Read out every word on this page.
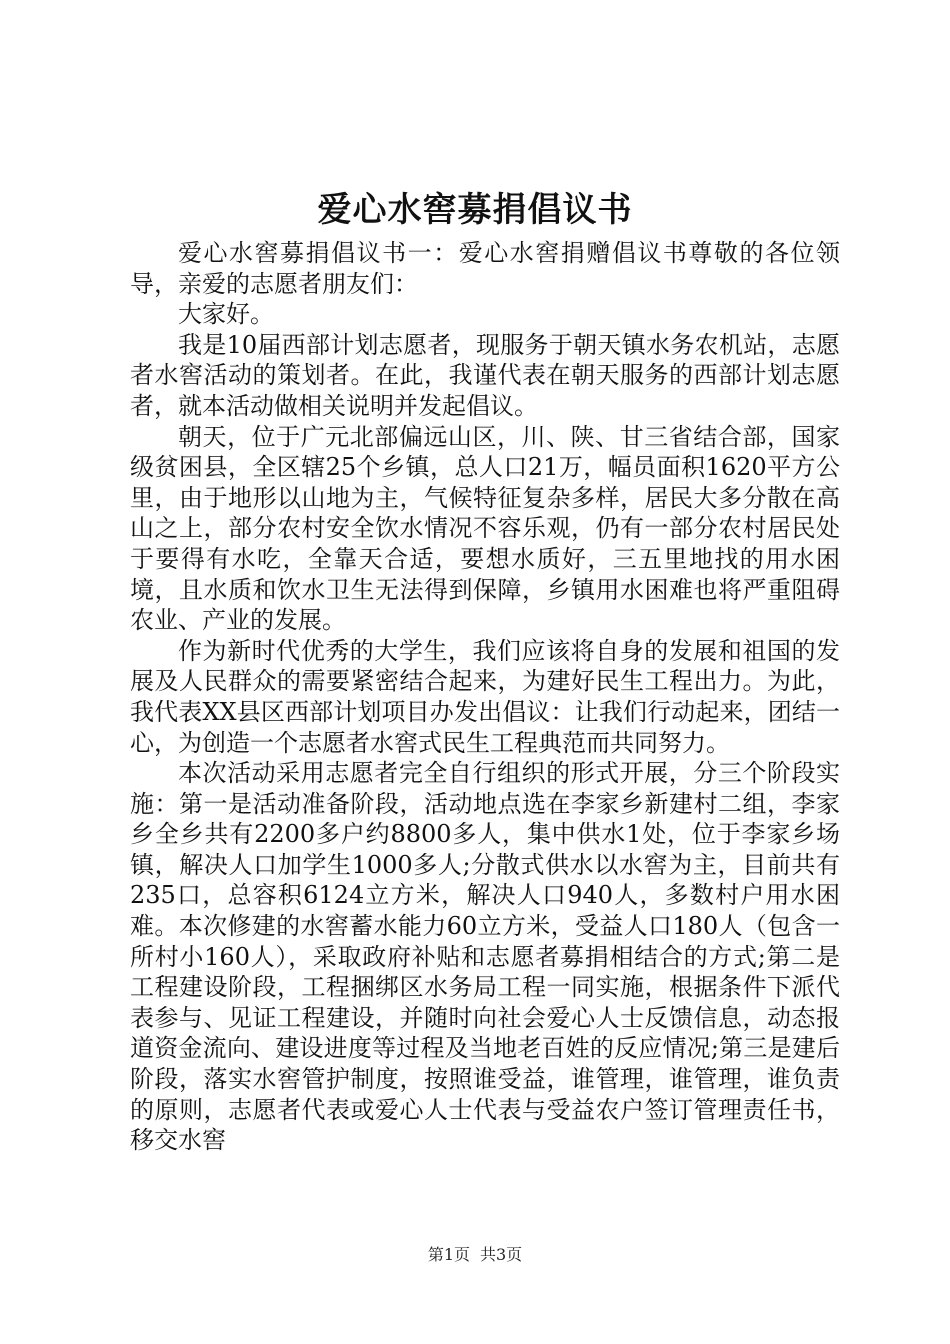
爱心水窖募捐倡议书

爱心水窖募捐倡议书一：爱心水窖捐赠倡议书尊敬的各位领导，亲爱的志愿者朋友们：

大家好。

我是10届西部计划志愿者，现服务于朝天镇水务农机站，志愿者水窖活动的策划者。在此，我谨代表在朝天服务的西部计划志愿者，就本活动做相关说明并发起倡议。

朝天，位于广元北部偏远山区，川、陕、甘三省结合部，国家级贫困县，全区辖25个乡镇，总人口21万，幅员面积1620平方公里，由于地形以山地为主，气候特征复杂多样，居民大多分散在高山之上，部分农村安全饮水情况不容乐观，仍有一部分农村居民处于要得有水吃，全靠天合适，要想水质好，三五里地找的用水困境，且水质和饮水卫生无法得到保障，乡镇用水困难也将严重阻碍农业、产业的发展。

作为新时代优秀的大学生，我们应该将自身的发展和祖国的发展及人民群众的需要紧密结合起来，为建好民生工程出力。为此，我代表XX县区西部计划项目办发出倡议：让我们行动起来，团结一心，为创造一个志愿者水窖式民生工程典范而共同努力。

本次活动采用志愿者完全自行组织的形式开展，分三个阶段实施：第一是活动准备阶段，活动地点选在李家乡新建村二组，李家乡全乡共有2200多户约8800多人，集中供水1处，位于李家乡场镇，解决人口加学生1000多人;分散式供水以水窖为主，目前共有235口，总容积6124立方米，解决人口940人，多数村户用水困难。本次修建的水窖蓄水能力60立方米，受益人口180人（包含一所村小160人），采取政府补贴和志愿者募捐相结合的方式;第二是工程建设阶段，工程捆绑区水务局工程一同实施，根据条件下派代表参与、见证工程建设，并随时向社会爱心人士反馈信息，动态报道资金流向、建设进度等过程及当地老百姓的反应情况;第三是建后阶段，落实水窖管护制度，按照谁受益，谁管理，谁管理，谁负责的原则，志愿者代表或爱心人士代表与受益农户签订管理责任书，移交水窖

第1页 共3页
